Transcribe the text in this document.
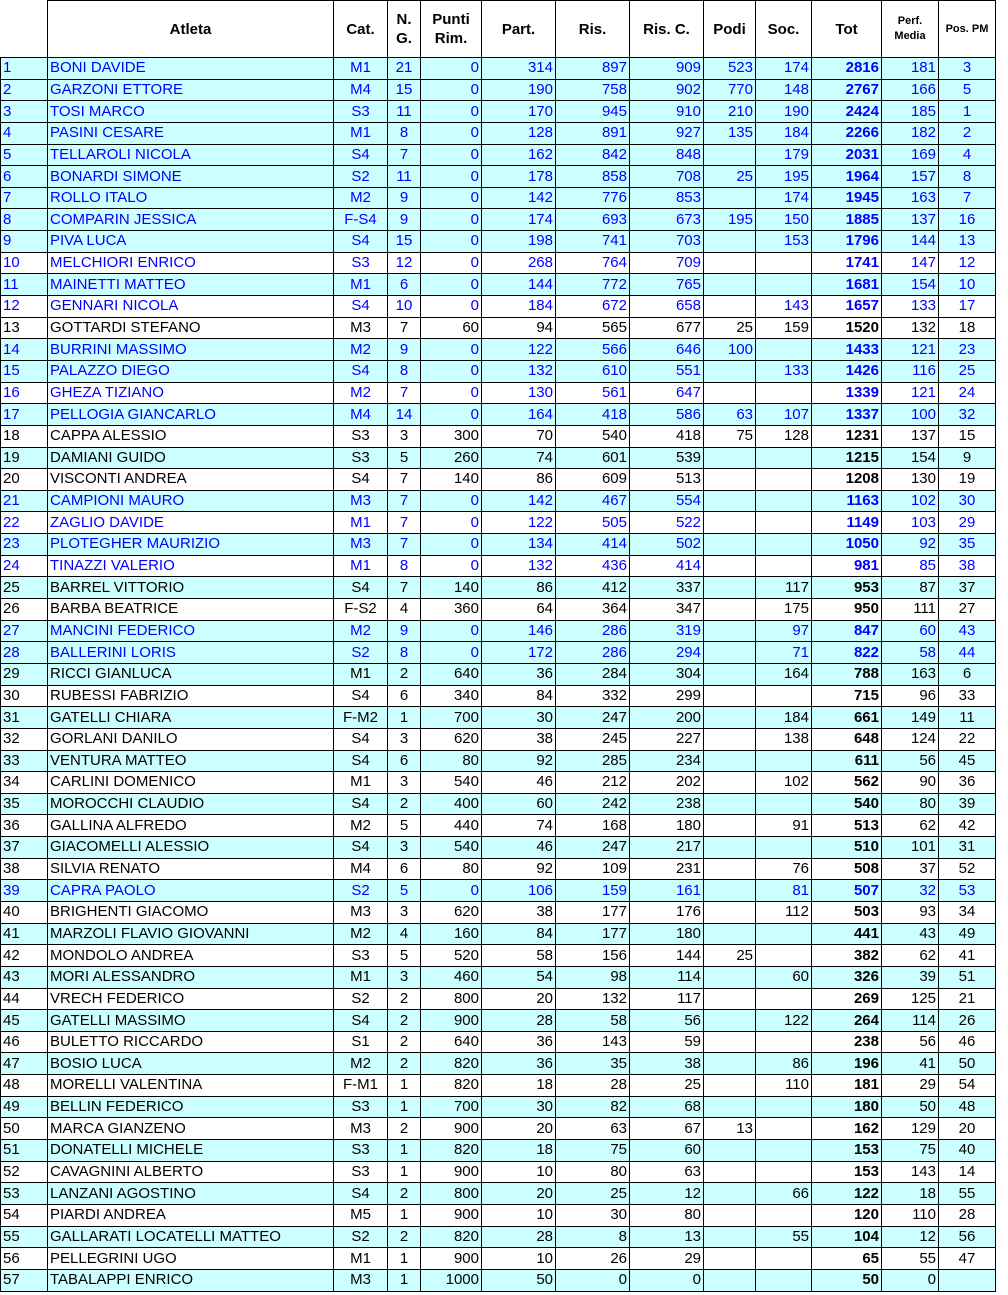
	Atleta	Cat.	N. G.	Punti Rim.	Part.	Ris.	Ris. C.	Podi	Soc.	Tot	Perf. Media	Pos. PM
1	BONI DAVIDE	M1	21	0	314	897	909	523	174	2816	181	3
2	GARZONI ETTORE	M4	15	0	190	758	902	770	148	2767	166	5
3	TOSI MARCO	S3	11	0	170	945	910	210	190	2424	185	1
4	PASINI CESARE	M1	8	0	128	891	927	135	184	2266	182	2
5	TELLAROLI NICOLA	S4	7	0	162	842	848		179	2031	169	4
6	BONARDI SIMONE	S2	11	0	178	858	708	25	195	1964	157	8
7	ROLLO ITALO	M2	9	0	142	776	853		174	1945	163	7
8	COMPARIN JESSICA	F-S4	9	0	174	693	673	195	150	1885	137	16
9	PIVA LUCA	S4	15	0	198	741	703		153	1796	144	13
10	MELCHIORI ENRICO	S3	12	0	268	764	709			1741	147	12
11	MAINETTI MATTEO	M1	6	0	144	772	765			1681	154	10
12	GENNARI NICOLA	S4	10	0	184	672	658		143	1657	133	17
13	GOTTARDI STEFANO	M3	7	60	94	565	677	25	159	1520	132	18
14	BURRINI MASSIMO	M2	9	0	122	566	646	100		1433	121	23
15	PALAZZO DIEGO	S4	8	0	132	610	551		133	1426	116	25
16	GHEZA TIZIANO	M2	7	0	130	561	647			1339	121	24
17	PELLOGIA GIANCARLO	M4	14	0	164	418	586	63	107	1337	100	32
18	CAPPA ALESSIO	S3	3	300	70	540	418	75	128	1231	137	15
19	DAMIANI GUIDO	S3	5	260	74	601	539			1215	154	9
20	VISCONTI ANDREA	S4	7	140	86	609	513			1208	130	19
21	CAMPIONI MAURO	M3	7	0	142	467	554			1163	102	30
22	ZAGLIO DAVIDE	M1	7	0	122	505	522			1149	103	29
23	PLOTEGHER MAURIZIO	M3	7	0	134	414	502			1050	92	35
24	TINAZZI VALERIO	M1	8	0	132	436	414			981	85	38
25	BARREL VITTORIO	S4	7	140	86	412	337		117	953	87	37
26	BARBA BEATRICE	F-S2	4	360	64	364	347		175	950	111	27
27	MANCINI FEDERICO	M2	9	0	146	286	319		97	847	60	43
28	BALLERINI LORIS	S2	8	0	172	286	294		71	822	58	44
29	RICCI GIANLUCA	M1	2	640	36	284	304		164	788	163	6
30	RUBESSI FABRIZIO	S4	6	340	84	332	299			715	96	33
31	GATELLI CHIARA	F-M2	1	700	30	247	200		184	661	149	11
32	GORLANI DANILO	S4	3	620	38	245	227		138	648	124	22
33	VENTURA MATTEO	S4	6	80	92	285	234			611	56	45
34	CARLINI DOMENICO	M1	3	540	46	212	202		102	562	90	36
35	MOROCCHI CLAUDIO	S4	2	400	60	242	238			540	80	39
36	GALLINA ALFREDO	M2	5	440	74	168	180		91	513	62	42
37	GIACOMELLI ALESSIO	S4	3	540	46	247	217			510	101	31
38	SILVIA RENATO	M4	6	80	92	109	231		76	508	37	52
39	CAPRA PAOLO	S2	5	0	106	159	161		81	507	32	53
40	BRIGHENTI GIACOMO	M3	3	620	38	177	176		112	503	93	34
41	MARZOLI FLAVIO GIOVANNI	M2	4	160	84	177	180			441	43	49
42	MONDOLO ANDREA	S3	5	520	58	156	144	25		382	62	41
43	MORI ALESSANDRO	M1	3	460	54	98	114		60	326	39	51
44	VRECH FEDERICO	S2	2	800	20	132	117			269	125	21
45	GATELLI MASSIMO	S4	2	900	28	58	56		122	264	114	26
46	BULETTO RICCARDO	S1	2	640	36	143	59			238	56	46
47	BOSIO LUCA	M2	2	820	36	35	38		86	196	41	50
48	MORELLI VALENTINA	F-M1	1	820	18	28	25		110	181	29	54
49	BELLIN FEDERICO	S3	1	700	30	82	68			180	50	48
50	MARCA GIANZENO	M3	2	900	20	63	67	13		162	129	20
51	DONATELLI MICHELE	S3	1	820	18	75	60			153	75	40
52	CAVAGNINI ALBERTO	S3	1	900	10	80	63			153	143	14
53	LANZANI AGOSTINO	S4	2	800	20	25	12		66	122	18	55
54	PIARDI ANDREA	M5	1	900	10	30	80			120	110	28
55	GALLARATI LOCATELLI MATTEO	S2	2	820	28	8	13		55	104	12	56
56	PELLEGRINI UGO	M1	1	900	10	26	29			65	55	47
57	TABALAPPI ENRICO	M3	1	1000	50	0	0			50	0	
